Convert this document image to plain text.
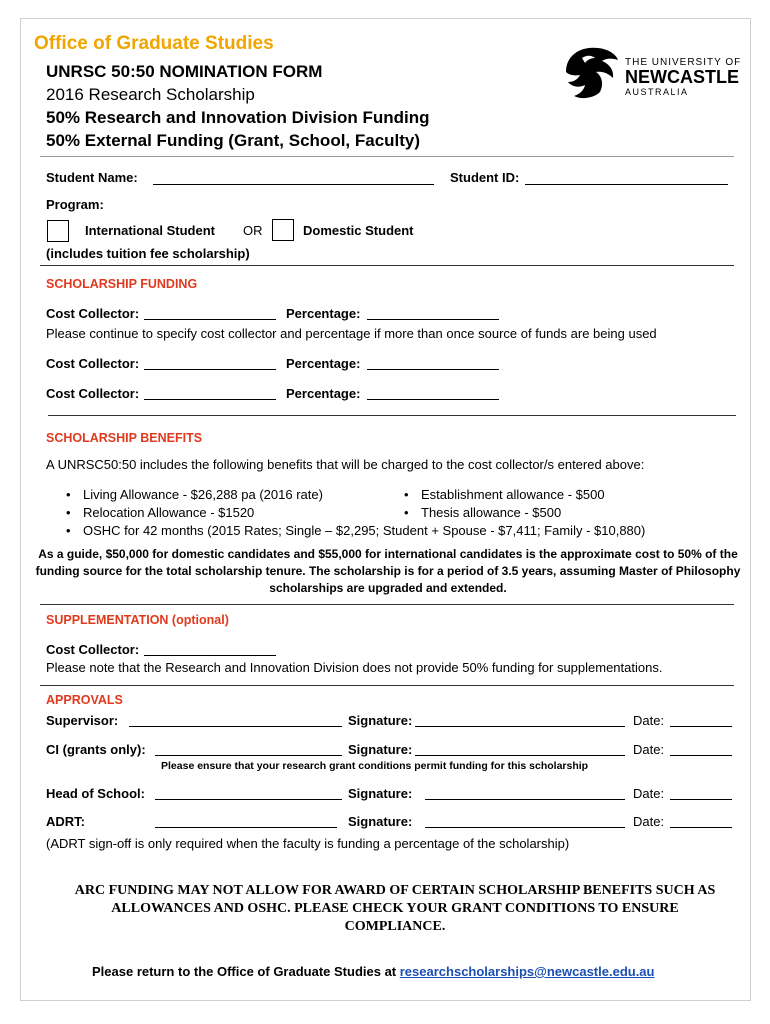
Office of Graduate Studies
UNRSC 50:50 NOMINATION FORM
2016 Research Scholarship
50% Research and Innovation Division Funding
50% External Funding (Grant, School, Faculty)
THE UNIVERSITY OF
NEWCASTLE
AUSTRALIA
Student Name:	Student ID:
Program:
International Student OR	Domestic Student
(includes tuition fee scholarship)
SCHOLARSHIP FUNDING
Cost Collector:	Percentage:
Please continue to specify cost collector and percentage if more than once source of funds are being used
Cost Collector:	Percentage:
Cost Collector:	Percentage:
SCHOLARSHIP BENEFITS
A UNRSC50:50 includes the following benefits that will be charged to the cost collector/s entered above:
• Living Allowance - $26,288 pa (2016 rate)
• Relocation Allowance - $1520
• OSHC for 42 months (2015 Rates; Single – $2,295; Student + Spouse - $7,411; Family - $10,880)
• Establishment allowance - $500
• Thesis allowance - $500
As a guide, $50,000 for domestic candidates and $55,000 for international candidates is the approximate cost to 50% of the funding source for the total scholarship tenure. The scholarship is for a period of 3.5 years, assuming Master of Philosophy scholarships are upgraded and extended.
SUPPLEMENTATION (optional)
Cost Collector:
Please note that the Research and Innovation Division does not provide 50% funding for supplementations.
APPROVALS
Supervisor:	Signature:	Date:
CI (grants only):	Signature:	Date:
Please ensure that your research grant conditions permit funding for this scholarship
Head of School:	Signature:	Date:
ADRT:	Signature:	Date:
(ADRT sign-off is only required when the faculty is funding a percentage of the scholarship)
ARC FUNDING MAY NOT ALLOW FOR AWARD OF CERTAIN SCHOLARSHIP BENEFITS SUCH AS ALLOWANCES AND OSHC. PLEASE CHECK YOUR GRANT CONDITIONS TO ENSURE COMPLIANCE.
Please return to the Office of Graduate Studies at researchscholarships@newcastle.edu.au
